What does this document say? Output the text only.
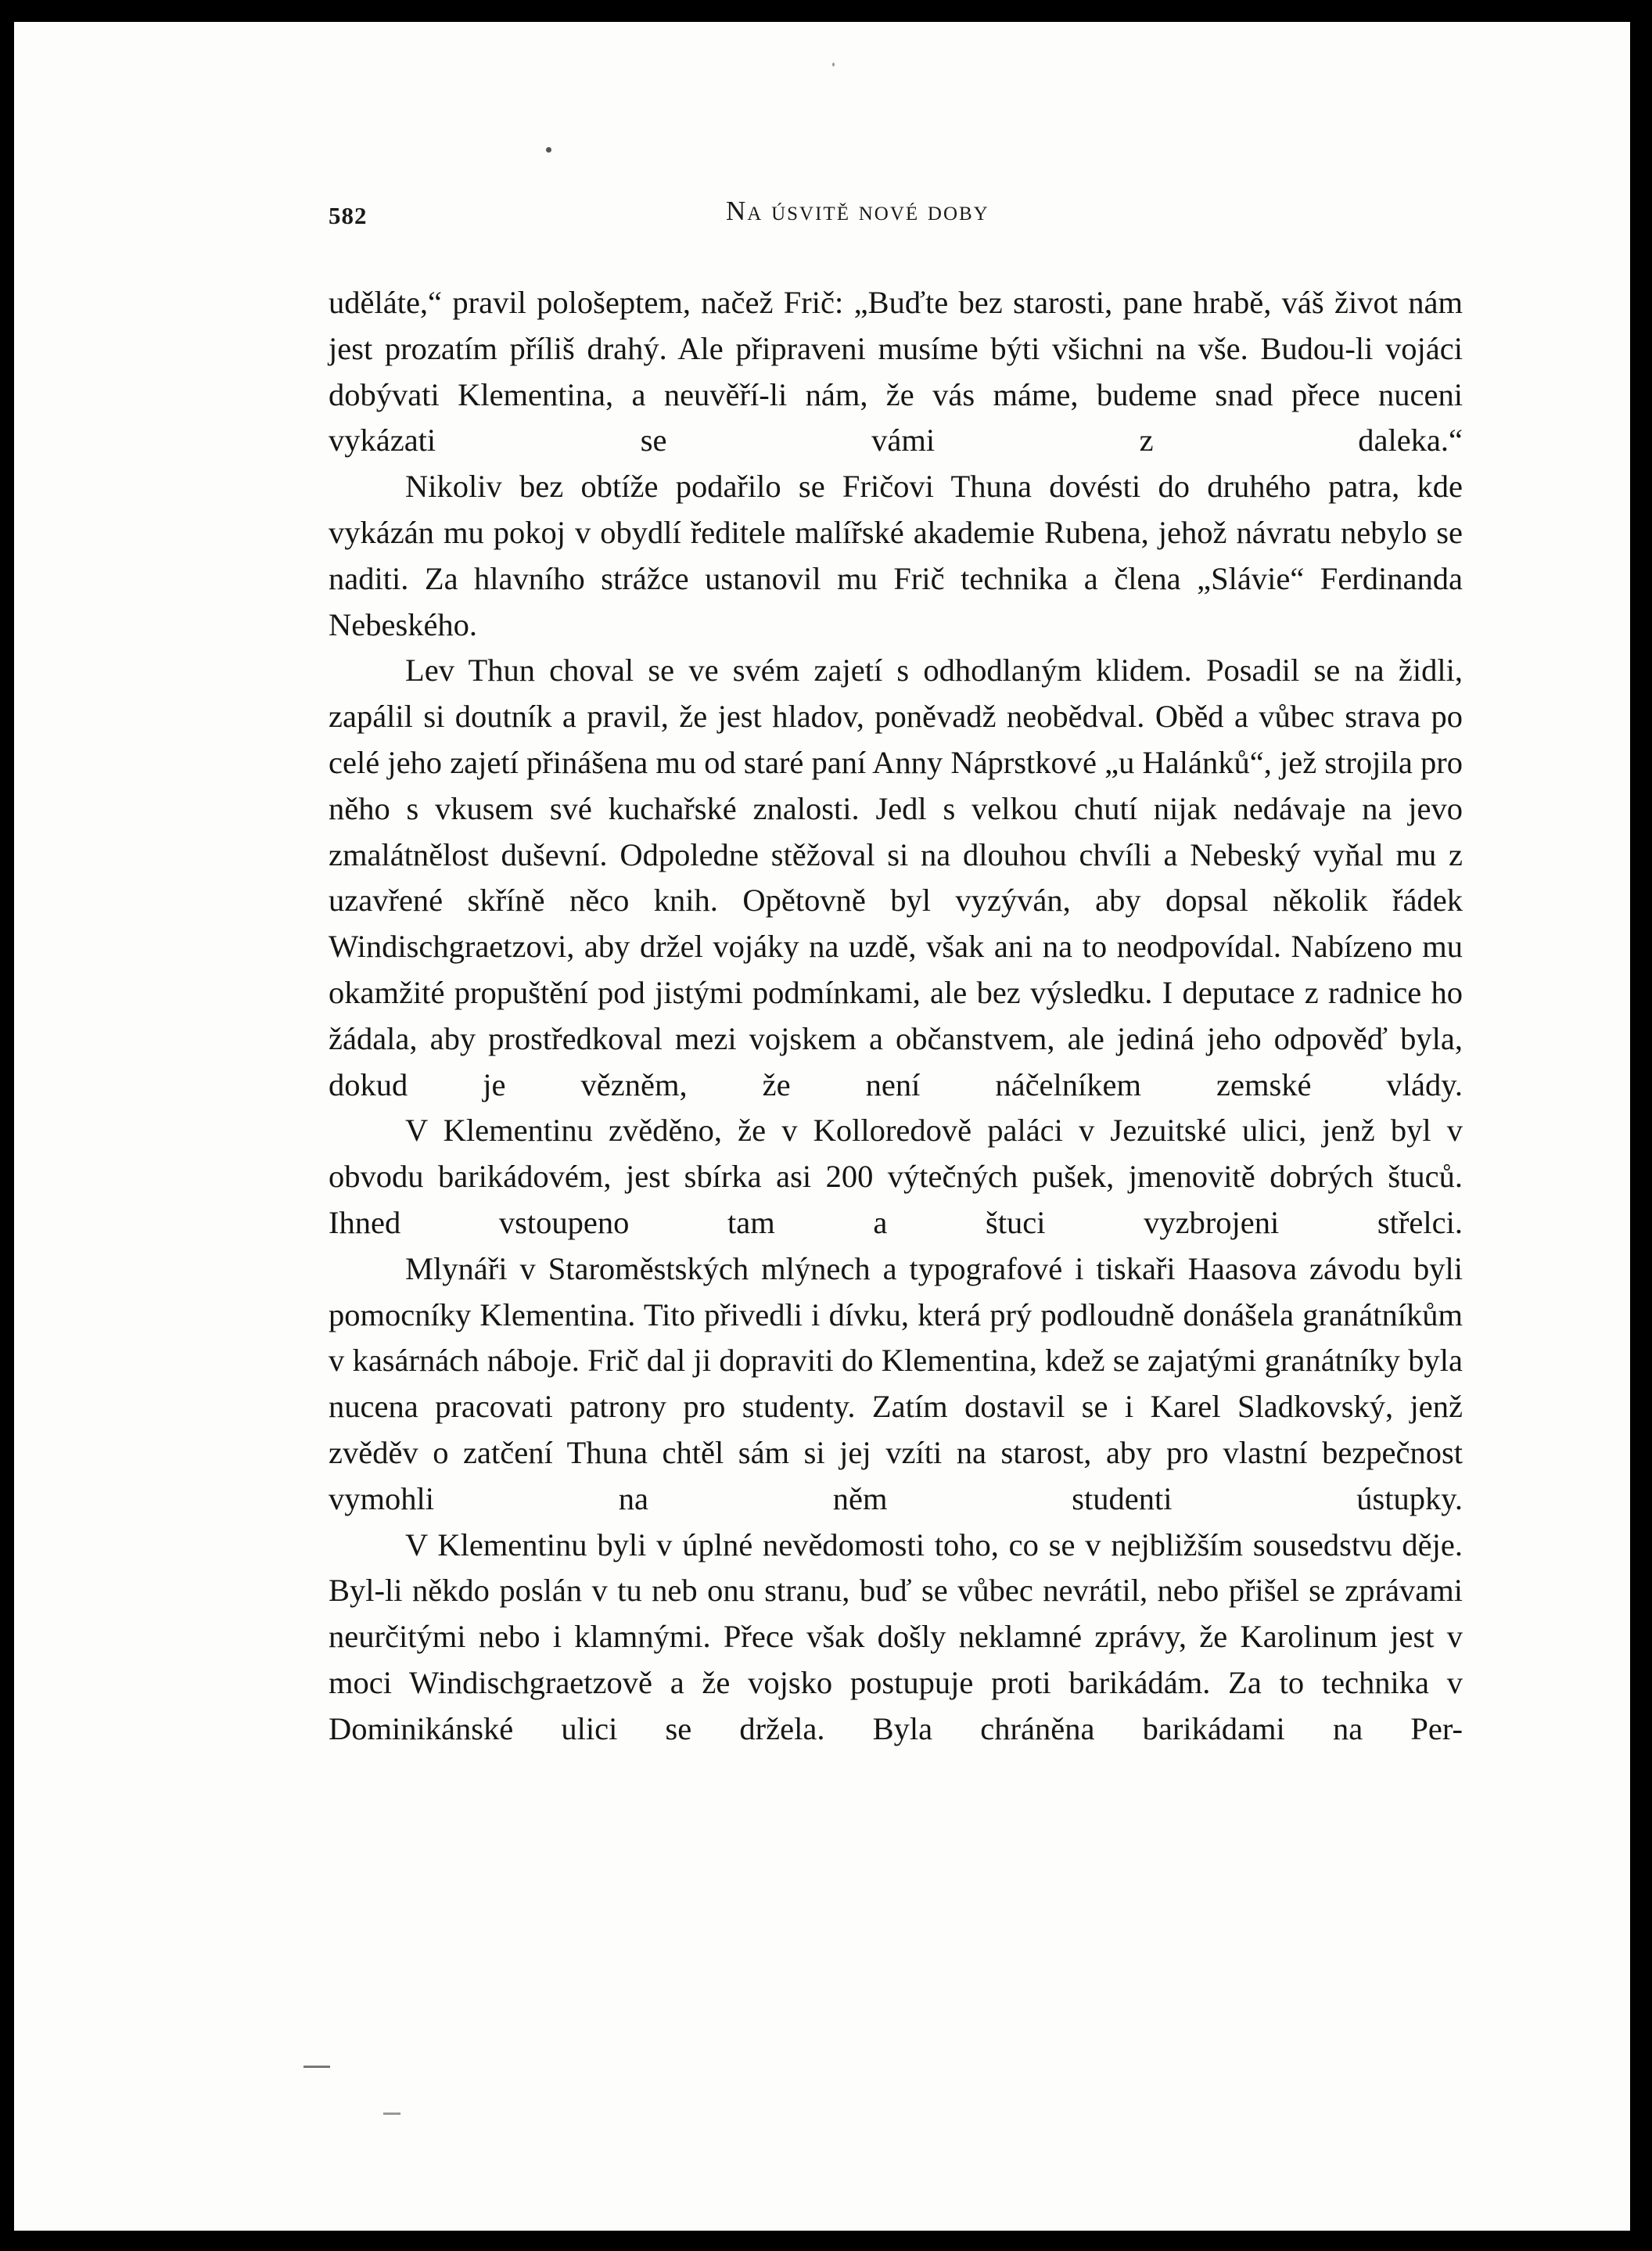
582	Na úsvitě nové doby

uděláte,“ pravil pološeptem, načež Frič: „Buďte bez starosti, pane hrabě, váš život nám jest prozatím příliš drahý. Ale připraveni musíme býti všichni na vše. Budou-li vojáci dobývati Klementina, a neuvěří-li nám, že vás máme, budeme snad přece nuceni vykázati se vámi z daleka.“

Nikoliv bez obtíže podařilo se Fričovi Thuna dovésti do druhého patra, kde vykázán mu pokoj v obydlí ředitele malířské akademie Rubena, jehož návratu nebylo se naditi. Za hlavního strážce ustanovil mu Frič technika a člena „Slávie“ Ferdinanda Nebeského.

Lev Thun choval se ve svém zajetí s odhodlaným klidem. Posadil se na židli, zapálil si doutník a pravil, že jest hladov, poněvadž neobědval. Oběd a vůbec strava po celé jeho zajetí přinášena mu od staré paní Anny Náprstkové „u Halánků“, jež strojila pro něho s vkusem své kuchařské znalosti. Jedl s velkou chutí nijak nedávaje na jevo zmalátnělost duševní. Odpoledne stěžoval si na dlouhou chvíli a Nebeský vyňal mu z uzavřené skříně něco knih. Opětovně byl vyzýván, aby dopsal několik řádek Windischgraetzovi, aby držel vojáky na uzdě, však ani na to neodpovídal. Nabízeno mu okamžité propuštění pod jistými podmínkami, ale bez výsledku. I deputace z radnice ho žádala, aby prostředkoval mezi vojskem a občanstvem, ale jediná jeho odpověď byla, dokud je vězněm, že není náčelníkem zemské vlády.

V Klementinu zvěděno, že v Kolloredově paláci v Jezuitské ulici, jenž byl v obvodu barikádovém, jest sbírka asi 200 výtečných pušek, jmenovitě dobrých štuců. Ihned vstoupeno tam a štuci vyzbrojeni střelci.

Mlynáři v Staroměstských mlýnech a typografové i tiskaři Haasova závodu byli pomocníky Klementina. Tito přivedli i dívku, která prý podloudně donášela granátníkům v kasárnách náboje. Frič dal ji dopraviti do Klementina, kdež se zajatými granátníky byla nucena pracovati patrony pro studenty. Zatím dostavil se i Karel Sladkovský, jenž zvěděv o zatčení Thuna chtěl sám si jej vzíti na starost, aby pro vlastní bezpečnost vymohli na něm studenti ústupky.

V Klementinu byli v úplné nevědomosti toho, co se v nejbližším sousedstvu děje. Byl-li někdo poslán v tu neb onu stranu, buď se vůbec nevrátil, nebo přišel se zprávami neurčitými nebo i klamnými. Přece však došly neklamné zprávy, že Karolinum jest v moci Windischgraetzově a že vojsko postupuje proti barikádám. Za to technika v Dominikánské ulici se držela. Byla chráněna barikádami na Per-
